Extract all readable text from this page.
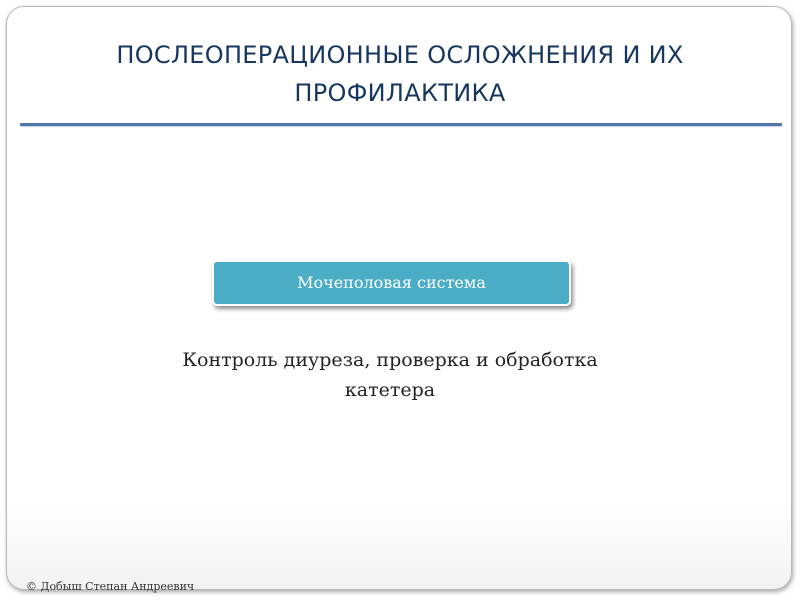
ПОСЛЕОПЕРАЦИОННЫЕ ОСЛОЖНЕНИЯ И ИХ
ПРОФИЛАКТИКА
Мочеполовая система
Контроль диуреза, проверка и обработка катетера
© Добыш Степан Андреевич
